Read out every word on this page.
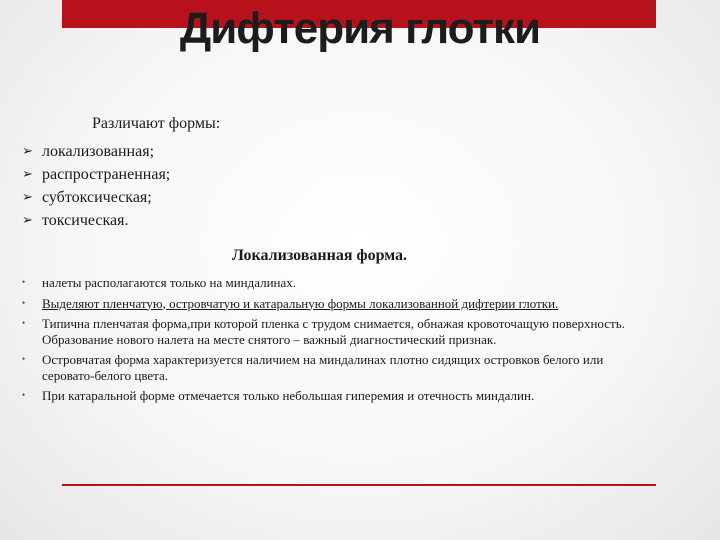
Дифтерия глотки

Различают формы:

➢ локализованная;
➢ распространенная;
➢ субтоксическая;
➢ токсическая.

Локализованная форма.

• налеты располагаются только на миндалинах.
• Выделяют пленчатую, островчатую и катаральную формы локализованной дифтерии глотки.
• Типична пленчатая форма,при которой пленка с трудом снимается, обнажая кровоточащую поверхность. Образование нового налета на месте снятого – важный диагностический признак.
• Островчатая форма характеризуется наличием на миндалинах плотно сидящих островков белого или серовато-белого цвета.
• При катаральной форме отмечается только небольшая гиперемия и отечность миндалин.
